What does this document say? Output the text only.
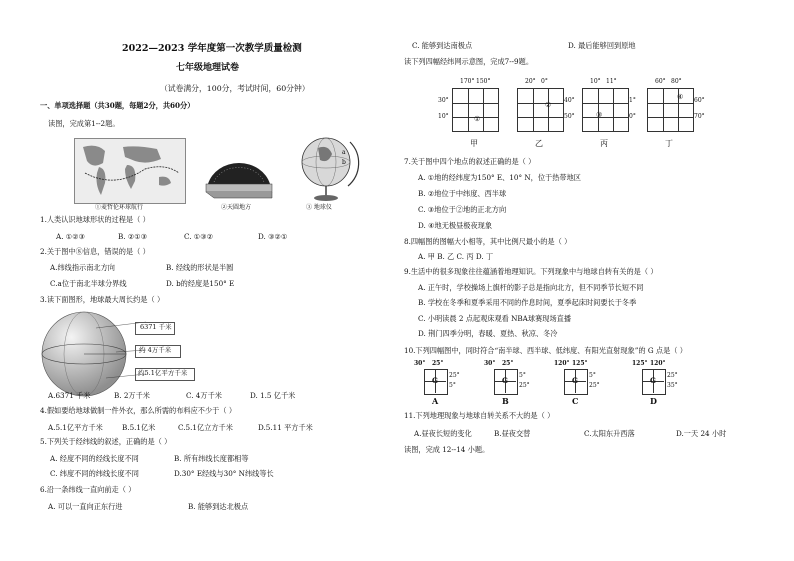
2022—2023 学年度第一次教学质量检测
七年级地理试卷
（试卷满分，100分，考试时间，60分钟）
一、单项选择题（共30题，每题2分，共60分）
读图，完成第1--2题。
①麦哲伦环球航行	②天圆地方
a
b
③ 地球仪
1.人类认识地球形状的过程是（ ）
A. ①②③	B. ②①③	C. ①③②	D. ③②①
2.关于图中⑧信息，错误的是（ ）
A.纬线指示南北方向	B. 经线的形状是半圆
C.a位于南北半球分界线	D. b的经度是150° E
3.读下面图形，地球最大周长约是（ ）
6371 千米
约 4万千米
约5.1亿平方千米
A.6371 千米	B. 2万千米	C. 4万千米	D. 1.5 亿千米
4.假如要给地球做制一件外衣，那么所需的布料应不少于（ ）
A.5.1亿平方千米	B.5.1亿米	C.5.1亿立方千米	D.5.11 平方千米
5.下列关于经纬线的叙述，正确的是（ ）
A. 经度不同的经线长度不同	B. 所有纬线长度都相等
C. 纬度不同的纬线长度不同	D.30° E经线与30° N纬线等长
6.沿一条纬线一直向前走（ ）
A. 可以一直向正东行进	B. 能够到达北极点
C. 能够到达南极点	D. 最后能够回到原地
读下列四幅经纬网示意图，完成7--9题。
170° 150°
30°
10°	①
甲
20° 0°
40°
50°
②
乙
10° 11°
1°
0°
③
丙
60° 80°
60°
70°
④
丁
7.关于图中四个地点的叙述正确的是（ ）
A. ①地的经纬度为150° E、10° N，位于热带地区
B. ②地位于中纬度、西半球
C. ③地位于②地的正北方向
D. ④地无极昼极夜现象
8.四幅图的图幅大小相等，其中比例尺最小的是（ ）
A. 甲 B. 乙 C. 丙 D. 丁
9.生活中的很多现象往往蕴涵着地理知识。下列现象中与地球自转有关的是（ ）
A. 正午时，学校操场上旗杆的影子总是指向北方，但不同季节长短不同
B. 学校在冬季和夏季采用不同的作息时间，夏季起床时间要长于冬季
C. 小明读晨 2 点起观床观看 NBA球赛现场直播
D. 荆门四季分明，春暖、夏热、秋凉、冬冷
10.下列四幅图中，同时符合“南半球、西半球、低纬度、有阳光直射现象”的 G 点是（ ）
30° 25°
25°
5°
G
A
30° 25°
5°
25°
G
B
120° 125°
5°
25°
G
C
125° 120°
25°
35°
G
D
11.下列地理现象与地球自转关系不大的是（ ）
A.昼夜长短的变化	B.昼夜交替	C.太阳东升西落	D.一天 24 小时
读图，完成 12--14 小题。
